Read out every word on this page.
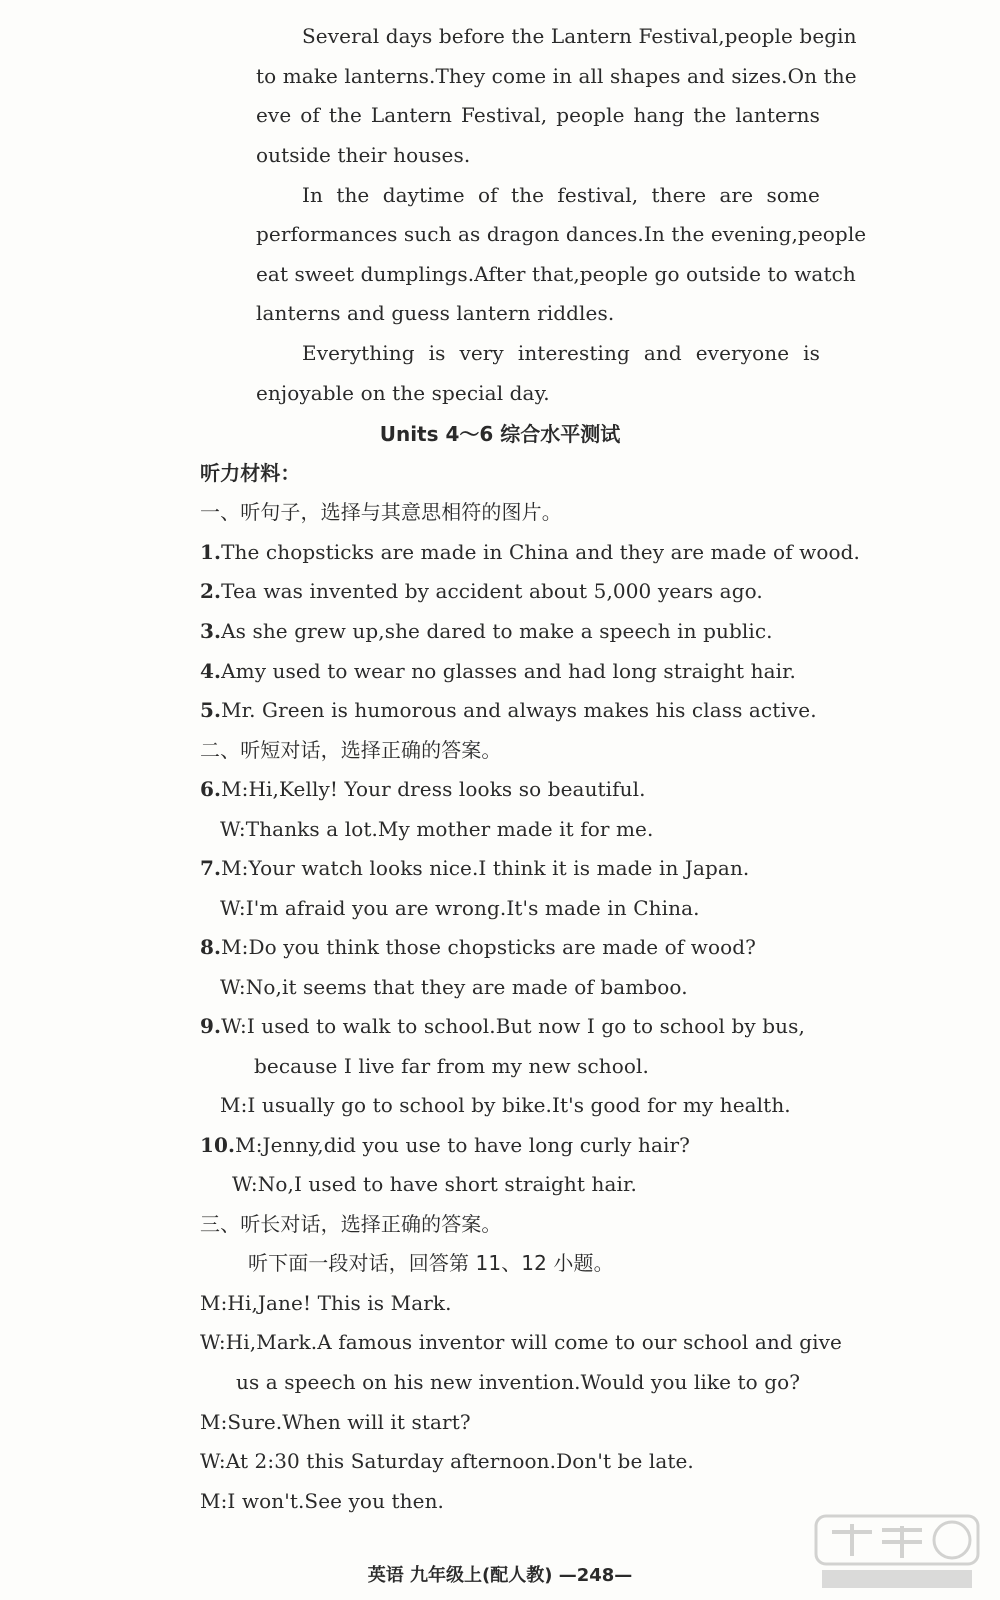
Several days before the Lantern Festival,people begin

to make lanterns.They come in all shapes and sizes.On the

eve of the Lantern Festival, people hang the lanterns

outside their houses.

In the daytime of the festival, there are some

performances such as dragon dances.In the evening,people

eat sweet dumplings.After that,people go outside to watch

lanterns and guess lantern riddles.

Everything is very interesting and everyone is

enjoyable on the special day.

Units 4～6 综合水平测试

听力材料：

一、听句子，选择与其意思相符的图片。

1.The chopsticks are made in China and they are made of wood.

2.Tea was invented by accident about 5,000 years ago.

3.As she grew up,she dared to make a speech in public.

4.Amy used to wear no glasses and had long straight hair.

5.Mr. Green is humorous and always makes his class active.

二、听短对话，选择正确的答案。

6.M:Hi,Kelly! Your dress looks so beautiful.

W:Thanks a lot.My mother made it for me.

7.M:Your watch looks nice.I think it is made in Japan.

W:I'm afraid you are wrong.It's made in China.

8.M:Do you think those chopsticks are made of wood?

W:No,it seems that they are made of bamboo.

9.W:I used to walk to school.But now I go to school by bus,

because I live far from my new school.

M:I usually go to school by bike.It's good for my health.

10.M:Jenny,did you use to have long curly hair?

W:No,I used to have short straight hair.

三、听长对话，选择正确的答案。

听下面一段对话，回答第 11、12 小题。

M:Hi,Jane! This is Mark.

W:Hi,Mark.A famous inventor will come to our school and give

us a speech on his new invention.Would you like to go?

M:Sure.When will it start?

W:At 2:30 this Saturday afternoon.Don't be late.

M:I won't.See you then.

英语 九年级上(配人教) —248—
